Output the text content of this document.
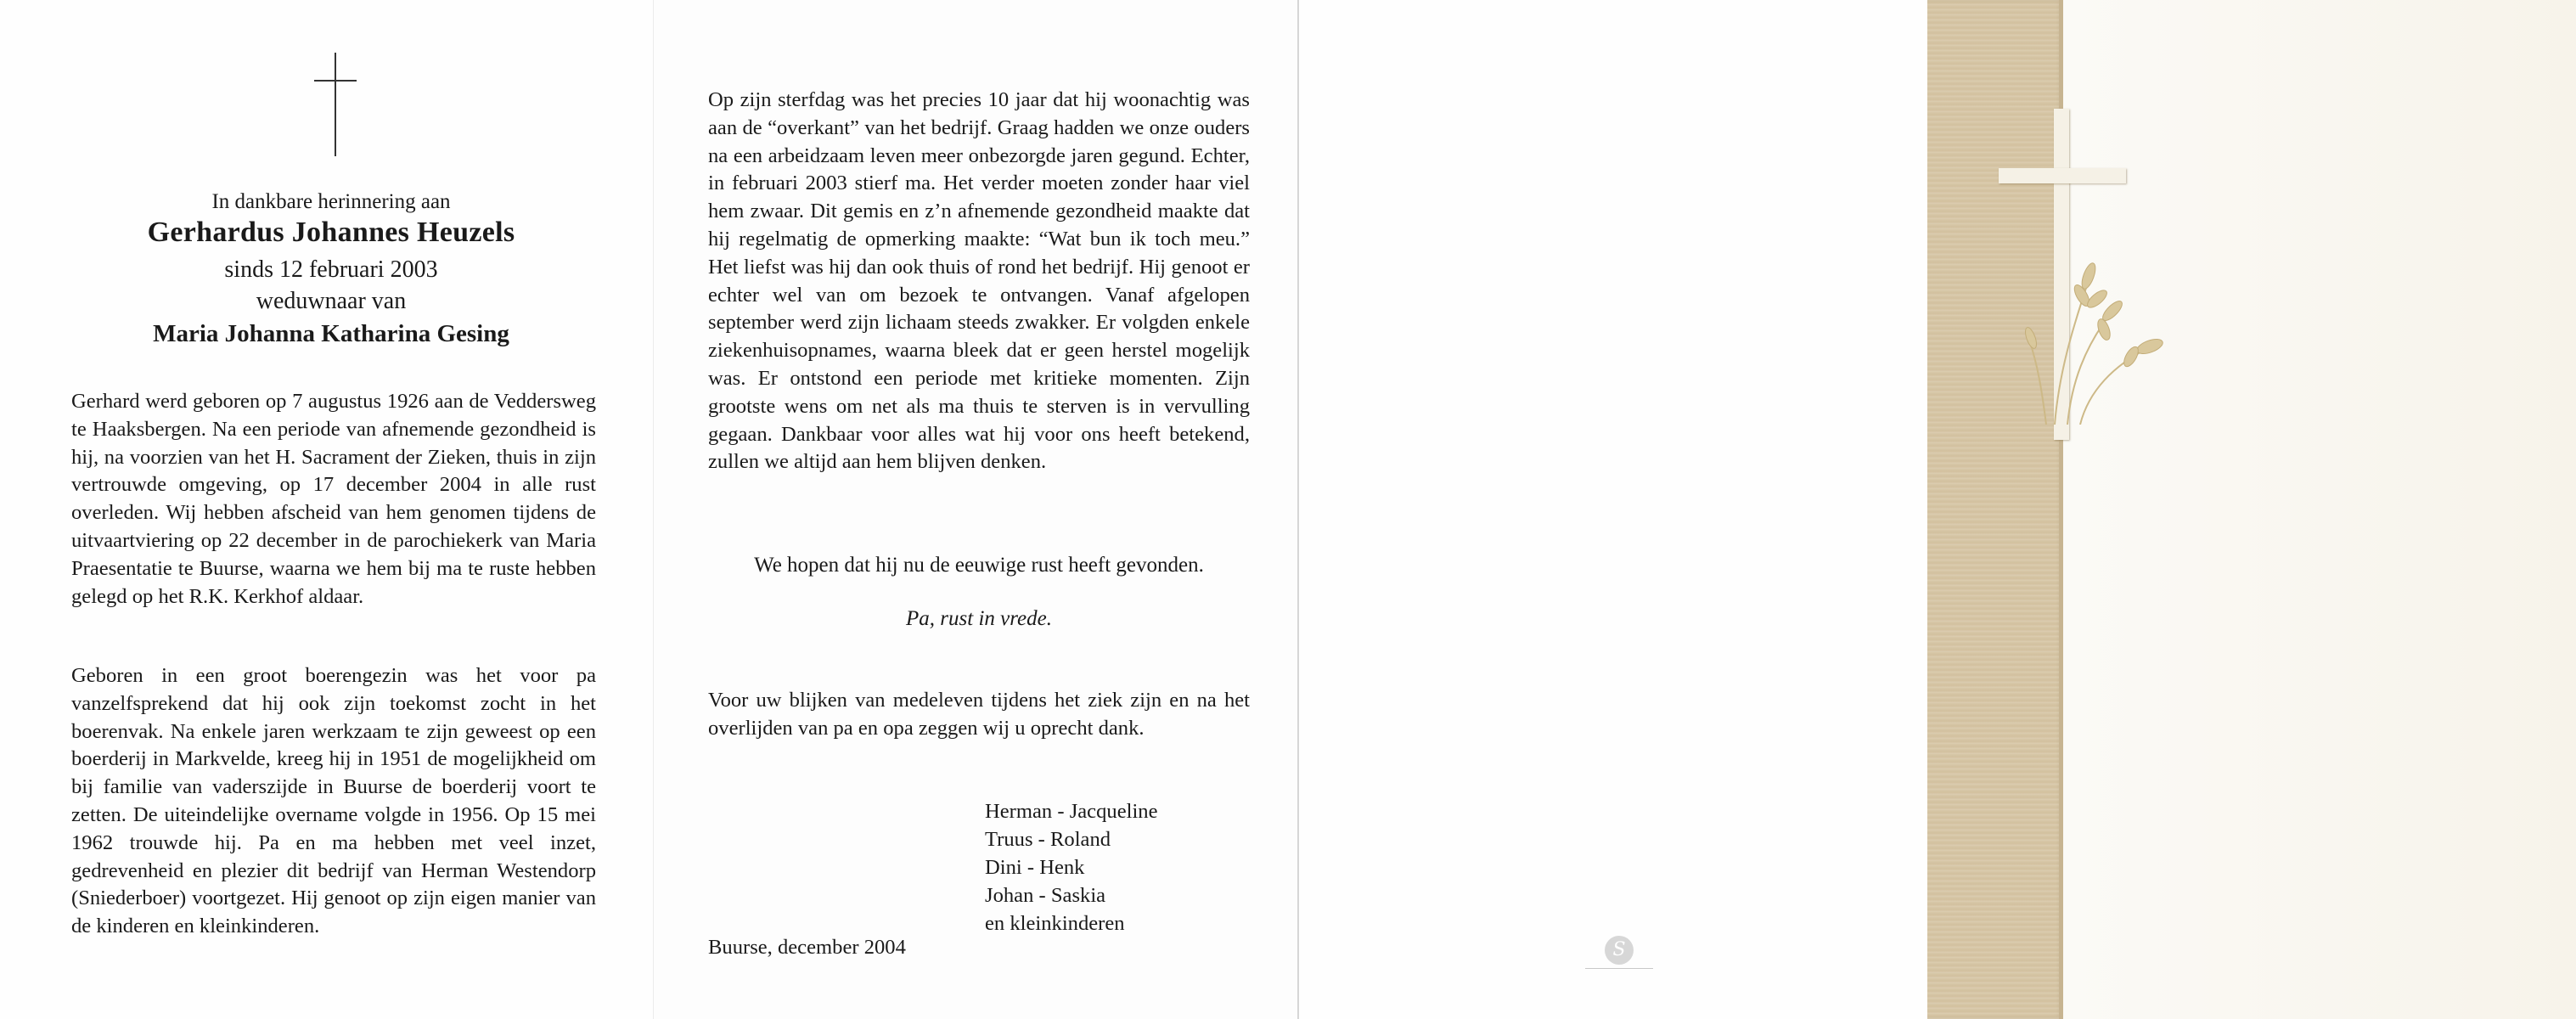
In dankbare herinnering aan
Gerhardus Johannes Heuzels
sinds 12 februari 2003
weduwnaar van
Maria Johanna Katharina Gesing
Gerhard werd geboren op 7 augustus 1926 aan de Veddersweg te Haaksbergen. Na een periode van afnemende gezondheid is hij, na voorzien van het H. Sacrament der Zieken, thuis in zijn vertrouwde omgeving, op 17 december 2004 in alle rust overleden. Wij hebben afscheid van hem genomen tijdens de uitvaartviering op 22 december in de parochiekerk van Maria Praesentatie te Buurse, waarna we hem bij ma te ruste hebben gelegd op het R.K. Kerkhof aldaar.
Geboren in een groot boerengezin was het voor pa vanzelfsprekend dat hij ook zijn toekomst zocht in het boerenvak. Na enkele jaren werkzaam te zijn geweest op een boerderij in Markvelde, kreeg hij in 1951 de mogelijkheid om bij familie van vaderszijde in Buurse de boerderij voort te zetten. De uiteindelijke overname volgde in 1956. Op 15 mei 1962 trouwde hij. Pa en ma hebben met veel inzet, gedrevenheid en plezier dit bedrijf van Herman Westendorp (Sniederboer) voortgezet. Hij genoot op zijn eigen manier van de kinderen en kleinkinderen.
Op zijn sterfdag was het precies 10 jaar dat hij woonachtig was aan de “overkant” van het bedrijf. Graag hadden we onze ouders na een arbeidzaam leven meer onbezorgde jaren gegund. Echter, in februari 2003 stierf ma. Het verder moeten zonder haar viel hem zwaar. Dit gemis en z’n afnemende gezondheid maakte dat hij regelmatig de opmerking maakte: “Wat bun ik toch meu.” Het liefst was hij dan ook thuis of rond het bedrijf. Hij genoot er echter wel van om bezoek te ontvangen. Vanaf afgelopen september werd zijn lichaam steeds zwakker. Er volgden enkele ziekenhuisopnames, waarna bleek dat er geen herstel mogelijk was. Er ontstond een periode met kritieke momenten. Zijn grootste wens om net als ma thuis te sterven is in vervulling gegaan. Dankbaar voor alles wat hij voor ons heeft betekend, zullen we altijd aan hem blijven denken.
We hopen dat hij nu de eeuwige rust heeft gevonden.
Pa, rust in vrede.
Voor uw blijken van medeleven tijdens het ziek zijn en na het overlijden van pa en opa zeggen wij u oprecht dank.
Herman - Jacqueline
Truus - Roland
Dini - Henk
Johan - Saskia
en kleinkinderen
Buurse, december 2004	S
